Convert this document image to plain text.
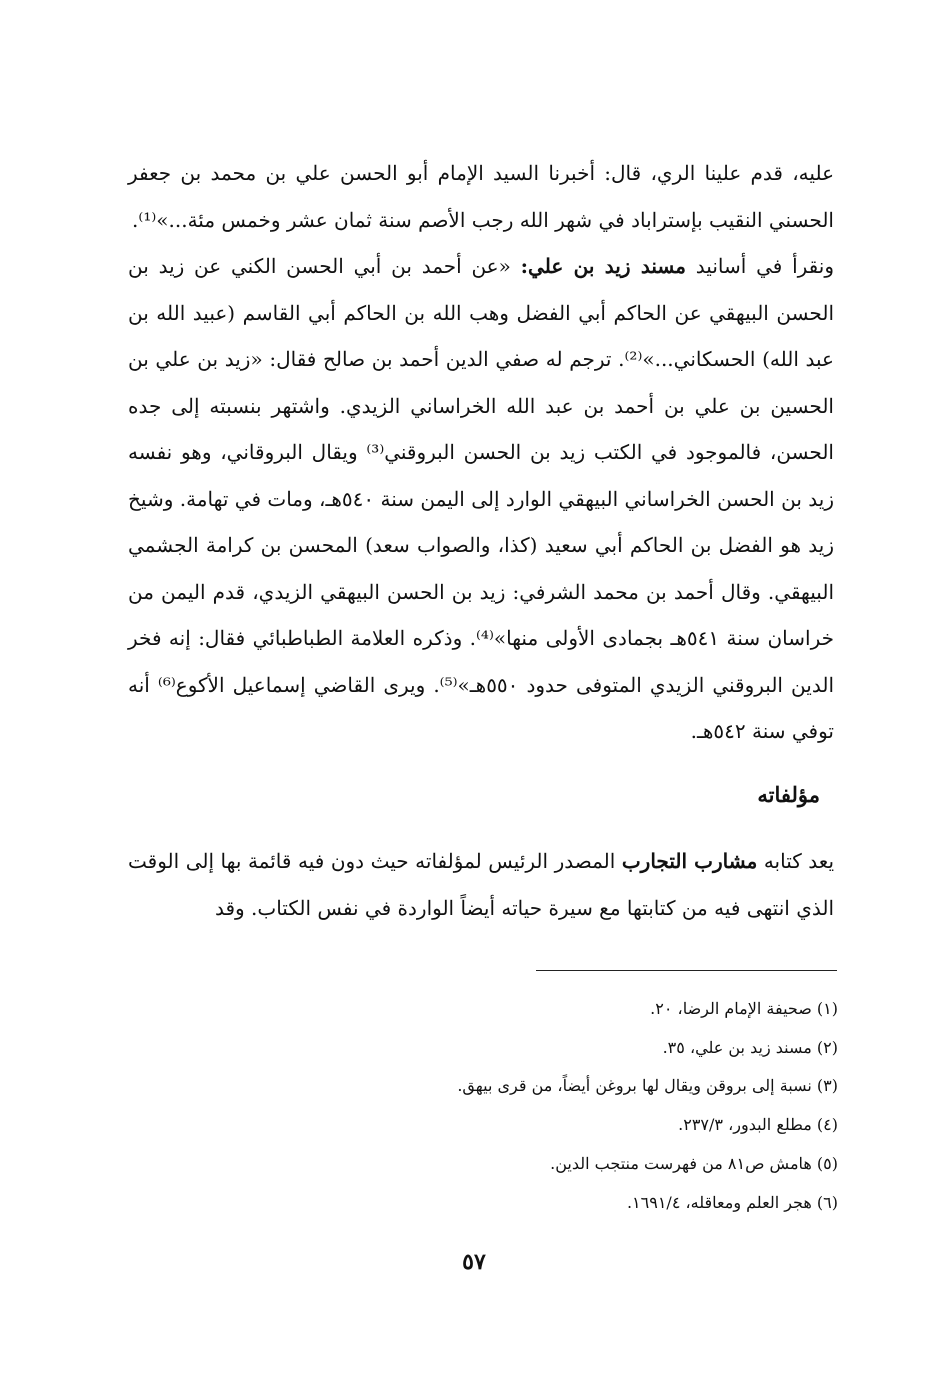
عليه، قدم علينا الري، قال: أخبرنا السيد الإمام أبو الحسن علي بن محمد بن جعفر الحسني النقيب بإستراباد في شهر الله رجب الأصم سنة ثمان عشر وخمس مئة...»⁽¹⁾.

ونقرأ في أسانيد مسند زيد بن علي: «عن أحمد بن أبي الحسن الكني عن زيد بن الحسن البيهقي عن الحاكم أبي الفضل وهب الله بن الحاكم أبي القاسم (عبيد الله بن عبد الله) الحسكاني...»⁽²⁾. ترجم له صفي الدين أحمد بن صالح فقال: «زيد بن علي بن الحسين بن علي بن أحمد بن عبد الله الخراساني الزيدي. واشتهر بنسبته إلى جده الحسن، فالموجود في الكتب زيد بن الحسن البروقني⁽³⁾ ويقال البروقاني، وهو نفسه زيد بن الحسن الخراساني البيهقي الوارد إلى اليمن سنة ٥٤٠هـ، ومات في تهامة. وشيخ زيد هو الفضل بن الحاكم أبي سعيد (كذا، والصواب سعد) المحسن بن كرامة الجشمي البيهقي. وقال أحمد بن محمد الشرفي: زيد بن الحسن البيهقي الزيدي، قدم اليمن من خراسان سنة ٥٤١هـ بجمادى الأولى منها»⁽⁴⁾. وذكره العلامة الطباطبائي فقال: إنه فخر الدين البروقني الزيدي المتوفى حدود ٥٥٠هـ»⁽⁵⁾. ويرى القاضي إسماعيل الأكوع⁽⁶⁾ أنه توفي سنة ٥٤٢هـ.

مؤلفاته

يعد كتابه مشارب التجارب المصدر الرئيس لمؤلفاته حيث دون فيه قائمة بها إلى الوقت الذي انتهى فيه من كتابتها مع سيرة حياته أيضاً الواردة في نفس الكتاب. وقد

(١) صحيفة الإمام الرضا، ٢٠.
(٢) مسند زيد بن علي، ٣٥.
(٣) نسبة إلى بروقن ويقال لها بروغن أيضاً، من قرى بيهق.
(٤) مطلع البدور، ٢٣٧/٣.
(٥) هامش ص٨١ من فهرست منتجب الدين.
(٦) هجر العلم ومعاقله، ١٦٩١/٤.
٥٧
